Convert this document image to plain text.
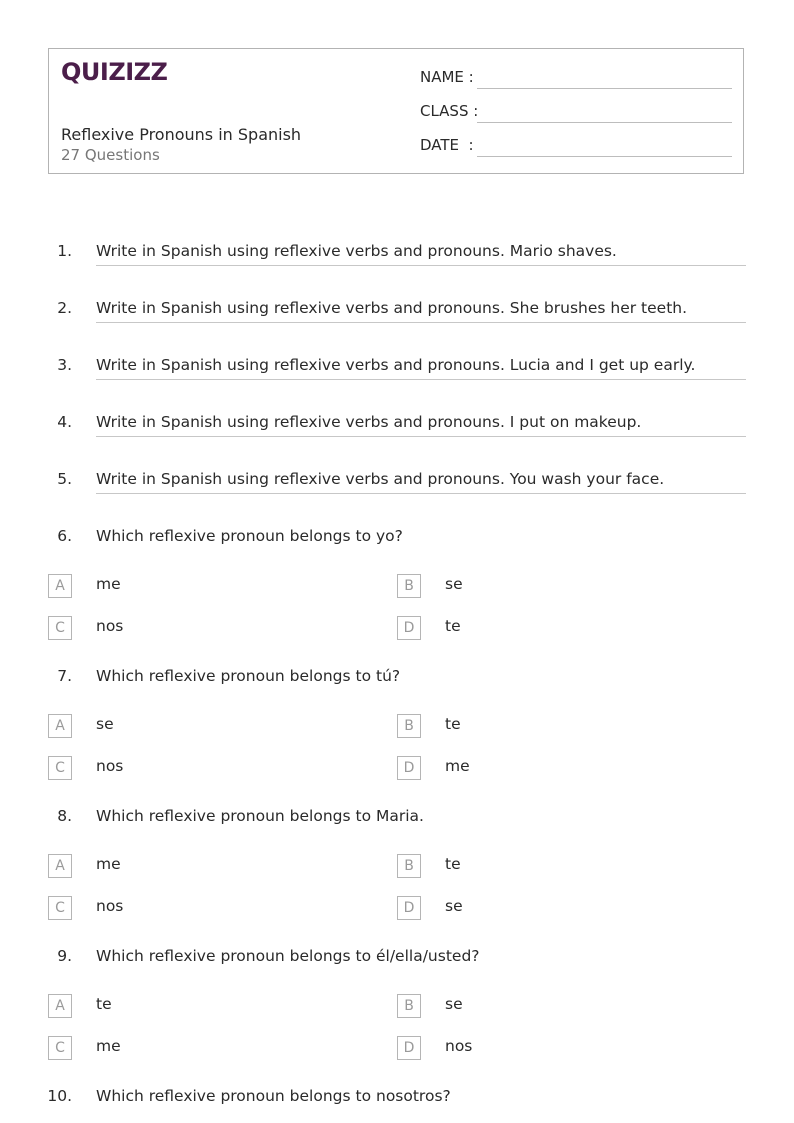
QUIZIZZ
Reflexive Pronouns in Spanish
27 Questions
NAME :
CLASS :
DATE  :
1. Write in Spanish using reflexive verbs and pronouns. Mario shaves.
2. Write in Spanish using reflexive verbs and pronouns. She brushes her teeth.
3. Write in Spanish using reflexive verbs and pronouns. Lucia and I get up early.
4. Write in Spanish using reflexive verbs and pronouns. I put on makeup.
5. Write in Spanish using reflexive verbs and pronouns. You wash your face.
6. Which reflexive pronoun belongs to yo?
A	me	B	se
C	nos	D	te
7. Which reflexive pronoun belongs to tú?
A	se	B	te
C	nos	D	me
8. Which reflexive pronoun belongs to Maria.
A	me	B	te
C	nos	D	se
9. Which reflexive pronoun belongs to él/ella/usted?
A	te	B	se
C	me	D	nos
10. Which reflexive pronoun belongs to nosotros?
